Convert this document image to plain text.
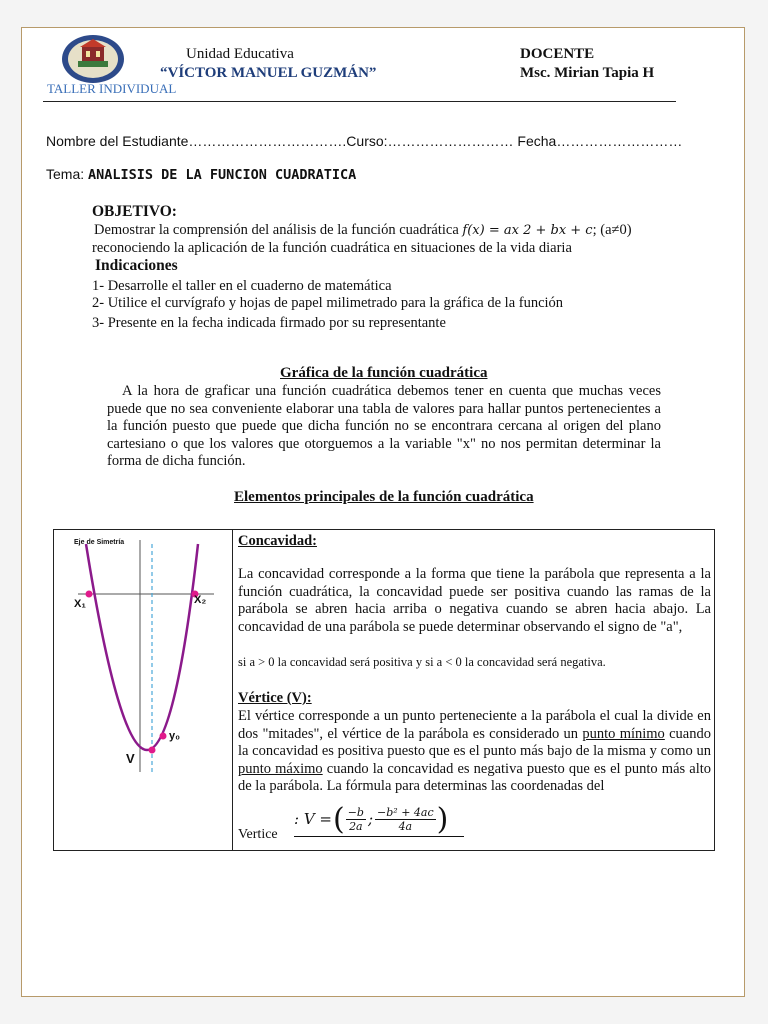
Unidad Educativa
“VÍCTOR MANUEL GUZMÁN”
TALLER INDIVIDUAL
DOCENTE
Msc. Mirian Tapia H
Nombre del Estudiante…………………………….Curso:……………………… Fecha………………………
Tema: ANALISIS DE LA FUNCION CUADRATICA
OBJETIVO:
Demostrar la comprensión del análisis de la función cuadrática f(x) = ax 2 + bx + c; (a≠0)
reconociendo la aplicación de la función cuadrática en situaciones de la vida diaria
Indicaciones
1- Desarrolle el taller en el cuaderno de matemática
2- Utilice el curvígrafo y hojas de papel milimetrado para la gráfica de la función
3- Presente en la fecha indicada firmado por su representante
Gráfica de la función cuadrática
A la hora de graficar una función cuadrática debemos tener en cuenta que muchas veces puede que no sea conveniente elaborar una tabla de valores para hallar puntos pertenecientes a la función puesto que puede que dicha función no se encontrara cercana al origen del plano cartesiano o que los valores que otorguemos a la variable "x" no nos permitan determinar la forma de dicha función.
Elementos principales de la función cuadrática
Eje de Simetría
X₁	X₂
y₀
V
Concavidad:
La concavidad corresponde a la forma que tiene la parábola que representa a la función cuadrática, la concavidad puede ser positiva cuando las ramas de la parábola se abren hacia arriba o negativa cuando se abren hacia abajo. La concavidad de una parábola se puede determinar observando el signo de "a",
si a > 0 la concavidad será positiva y si a < 0 la concavidad será negativa.
Vértice (V):
El vértice corresponde a un punto perteneciente a la parábola el cual la divide en dos "mitades", el vértice de la parábola es considerado un punto mínimo cuando la concavidad es positiva puesto que es el punto más bajo de la misma y como un punto máximo cuando la concavidad es negativa puesto que es el punto más alto de la parábola. La fórmula para determinas las coordenadas del
Vertice
: V = ( −b
2a ; −b² + 4ac
4a )
